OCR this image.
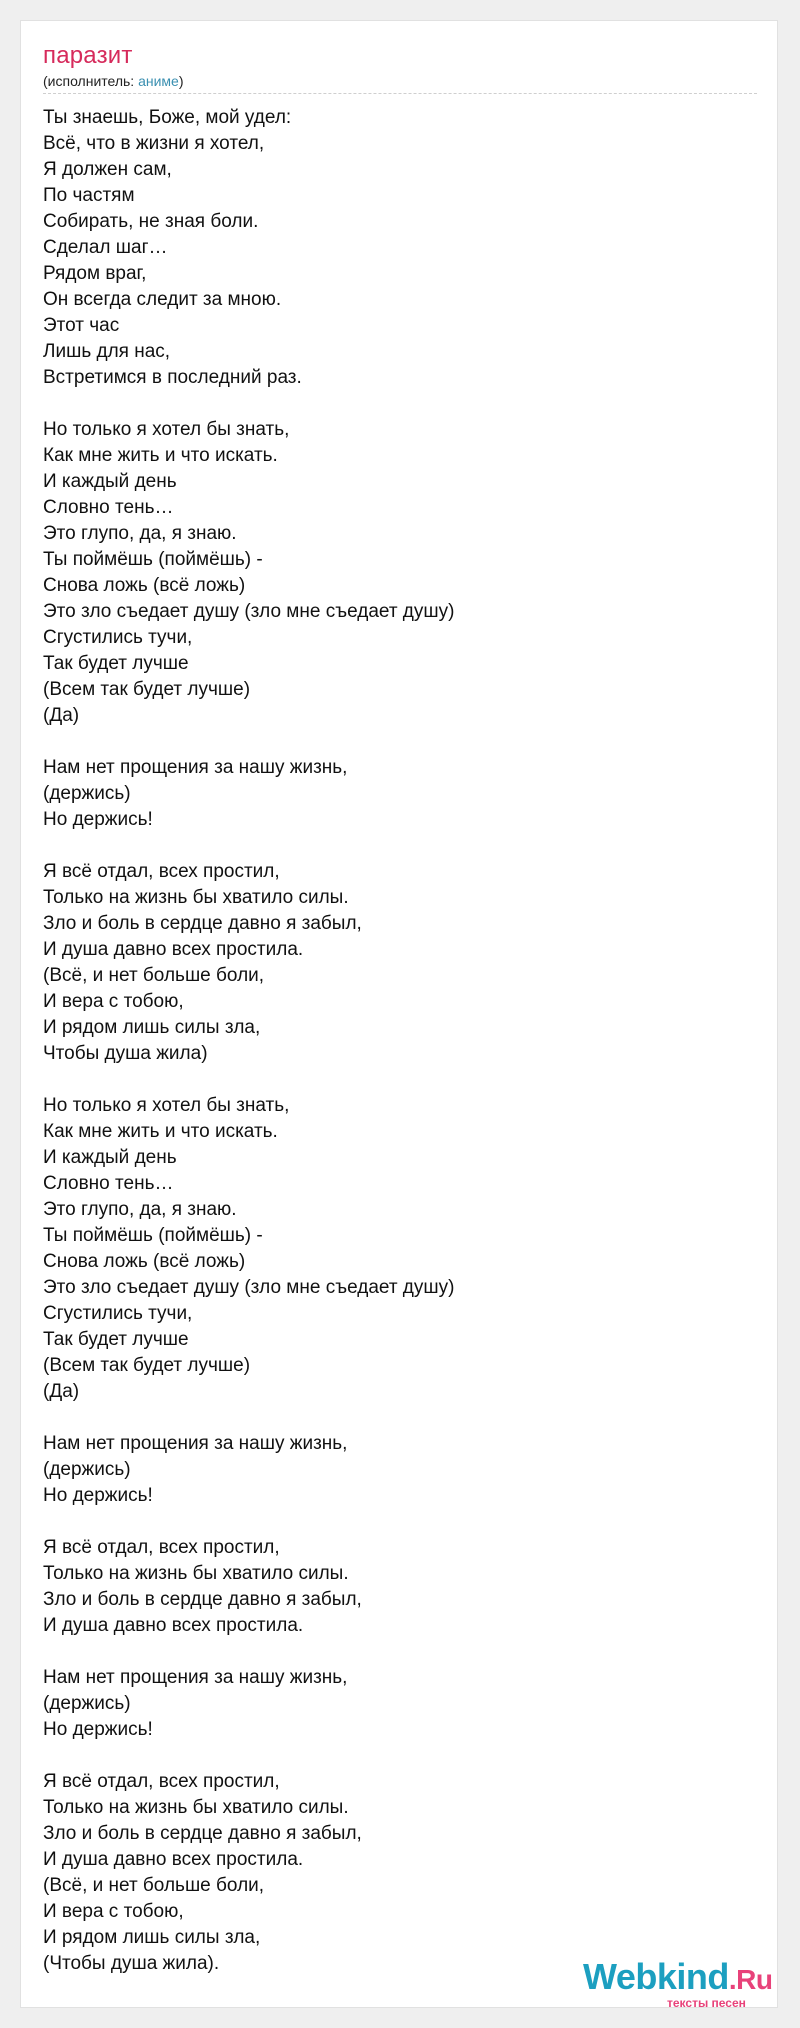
паразит
(исполнитель: аниме)
Ты знаешь, Боже, мой удел:
Всё, что в жизни я хотел,
Я должен сам,
По частям
Собирать, не зная боли.
Сделал шаг…
Рядом враг,
Он всегда следит за мною.
Этот час
Лишь для нас,
Встретимся в последний раз.
Но только я хотел бы знать,
Как мне жить и что искать.
И каждый день
Словно тень…
Это глупо, да, я знаю.
Ты поймёшь (поймёшь) -
Снова ложь (всё ложь)
Это зло съедает душу (зло мне съедает душу)
Сгустились тучи,
Так будет лучше
(Всем так будет лучше)
(Да)
Нам нет прощения за нашу жизнь,
(держись)
Но держись!
Я всё отдал, всех простил,
Только на жизнь бы хватило силы.
Зло и боль в сердце давно я забыл,
И душа давно всех простила.
(Всё, и нет больше боли,
И вера с тобою,
И рядом лишь силы зла,
Чтобы душа жила)
Но только я хотел бы знать,
Как мне жить и что искать.
И каждый день
Словно тень…
Это глупо, да, я знаю.
Ты поймёшь (поймёшь) -
Снова ложь (всё ложь)
Это зло съедает душу (зло мне съедает душу)
Сгустились тучи,
Так будет лучше
(Всем так будет лучше)
(Да)
Нам нет прощения за нашу жизнь,
(держись)
Но держись!
Я всё отдал, всех простил,
Только на жизнь бы хватило силы.
Зло и боль в сердце давно я забыл,
И душа давно всех простила.
Нам нет прощения за нашу жизнь,
(держись)
Но держись!
Я всё отдал, всех простил,
Только на жизнь бы хватило силы.
Зло и боль в сердце давно я забыл,
И душа давно всех простила.
(Всё, и нет больше боли,
И вера с тобою,
И рядом лишь силы зла,
(Чтобы душа жила).	Webkind.Ru
тексты песен
